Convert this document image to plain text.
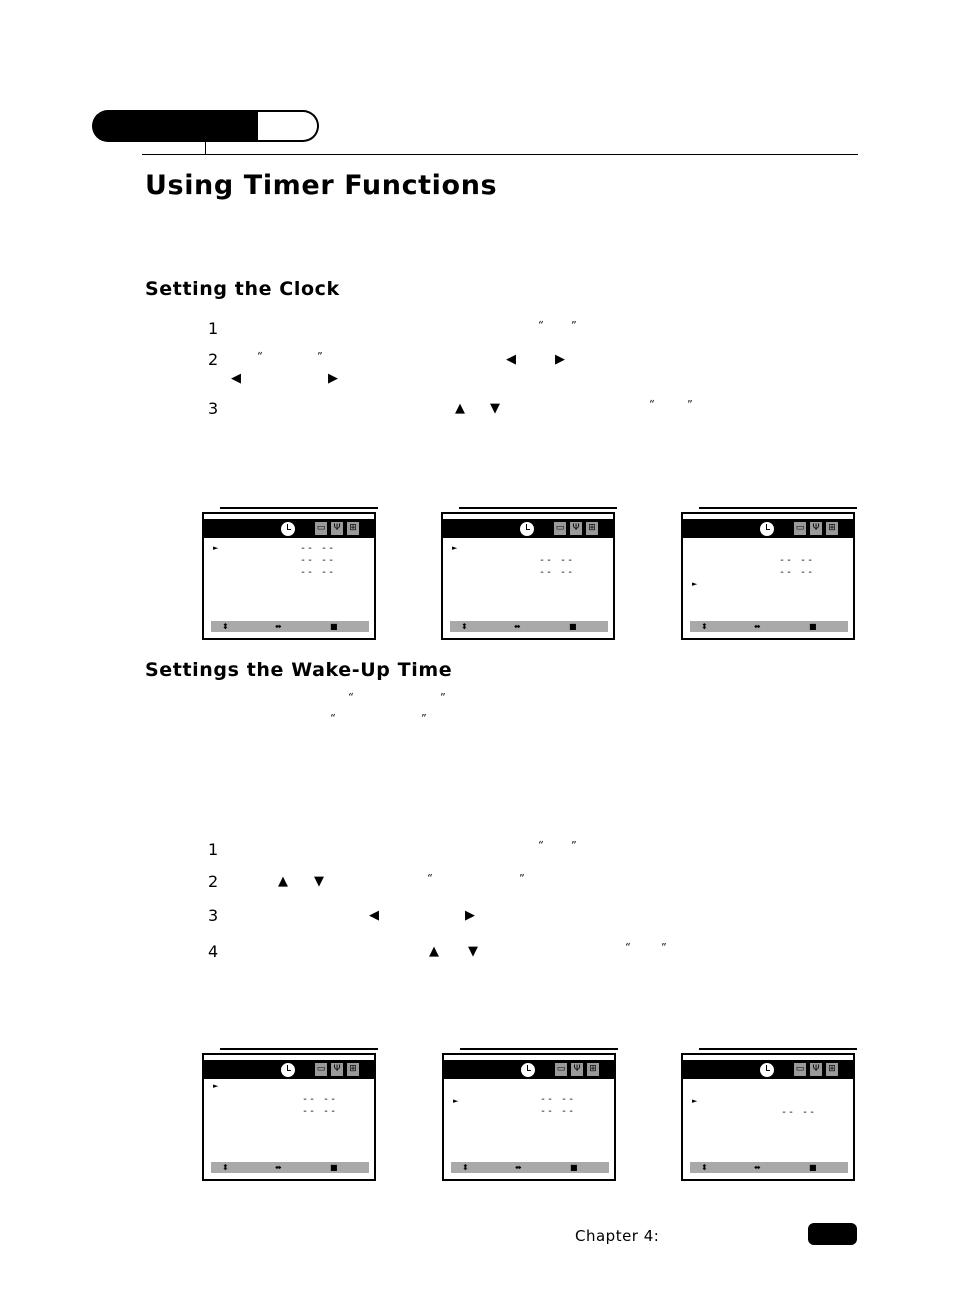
Using Timer Functions
Setting the Clock
1	“ ”
2	“	”	◀	▶
◀	▶
3	▲ ▼	“	”
▭ Ψ ⊞
►	-- --
-- --
-- --
⬍	⬌	■
▭ Ψ ⊞
►
-- --
-- --
⬍	⬌	■
▭ Ψ ⊞
-- --
-- --
►
⬍	⬌	■
Settings the Wake-Up Time
“	”
“	”
1	“ ”
2	▲ ▼	“	”
3	◀	▶
4	▲ ▼	“	”
▭ Ψ ⊞
►
-- --
-- --
⬍	⬌	■
▭ Ψ ⊞
►	-- --
-- --
⬍	⬌	■
▭ Ψ ⊞
►
-- --
⬍	⬌	■
Chapter 4:
